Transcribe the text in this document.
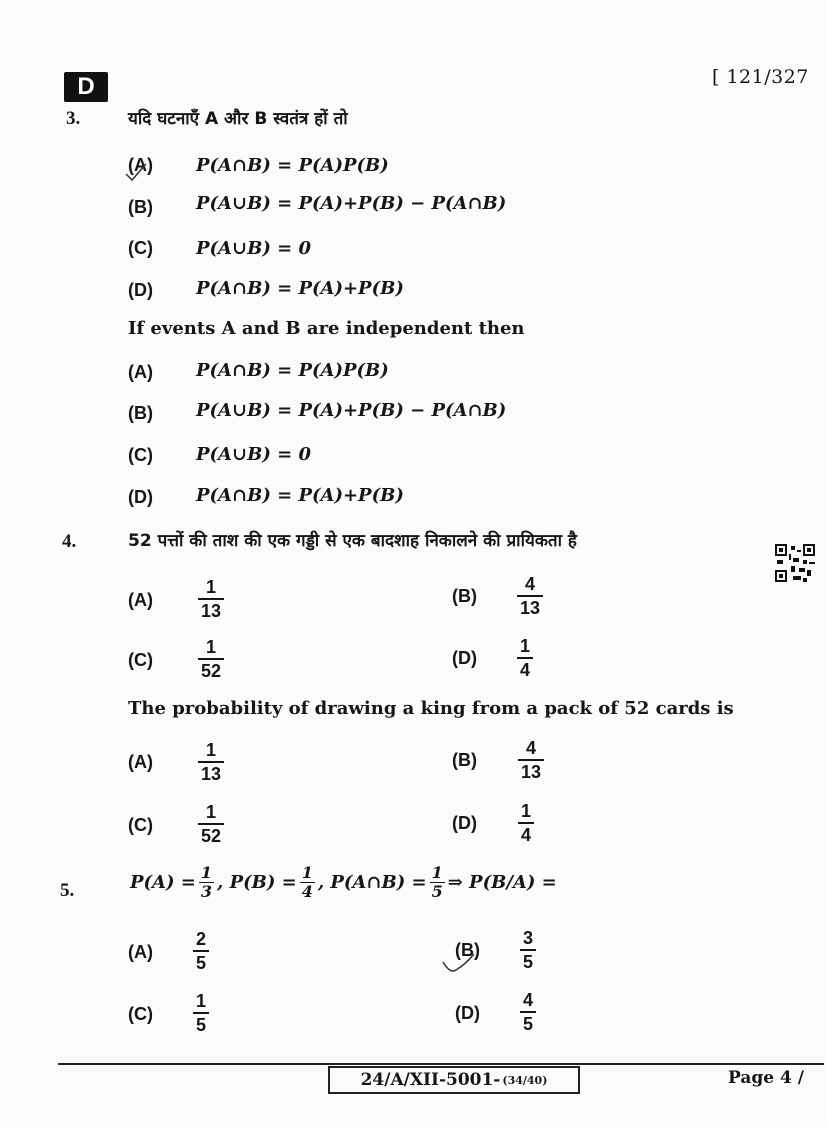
D	[ 121/327
3.	यदि घटनाएँ A और B स्वतंत्र हों तो
(A) P(A∩B) = P(A)P(B)
(B) P(A∪B) = P(A)+P(B) − P(A∩B)
(C) P(A∪B) = 0
(D) P(A∩B) = P(A)+P(B)
If events A and B are independent then
(A) P(A∩B) = P(A)P(B)
(B) P(A∪B) = P(A)+P(B) − P(A∩B)
(C) P(A∪B) = 0
(D) P(A∩B) = P(A)+P(B)
4.	52 पत्तों की ताश की एक गड्डी से एक बादशाह निकालने की प्रायिकता है
(A)	$\frac{1}{13}$	$(B) \frac{4}{13}$
(C)	$\frac{1}{52}$	$(D) \frac{1}{4}$
The probability of drawing a king from a pack of 52 cards is
(A)	$\frac{1}{13}$	$(B) \frac{4}{13}$
(C)	$\frac{1}{52}$	$(D) \frac{1}{4}$
5.	$P(A) = \frac{1}{3}$ , $P(B) = \frac{1}{4}$ , P(A∩B) = $\frac{1}{5}$ ⇒ P(B/A) =
$(A) \frac{2}{5}$	$(B) \frac{3}{5}$
$(C) \frac{1}{5}$	$(D) \frac{4}{5}$
24/A/XII-5001- (34/40)	Page 4 /
